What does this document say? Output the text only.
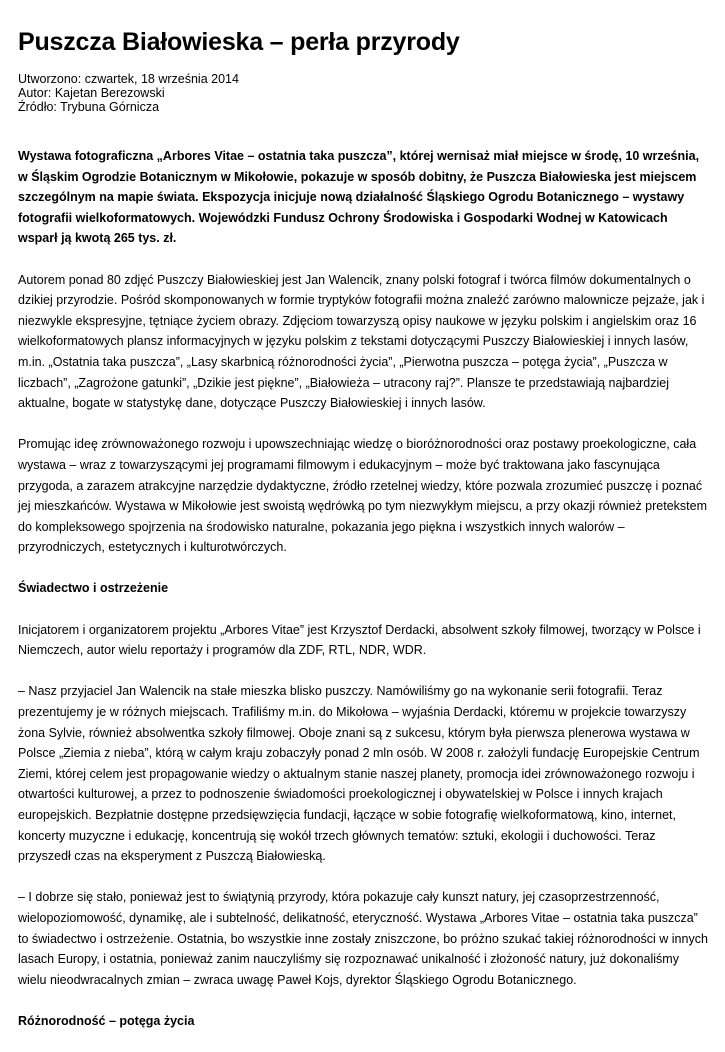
Puszcza Białowieska – perła przyrody
Utworzono: czwartek, 18 września 2014
Autor: Kajetan Berezowski
Źródło: Trybuna Górnicza

Wystawa fotograficzna „Arbores Vitae – ostatnia taka puszcza”, której wernisaż miał miejsce w środę, 10 września, w Śląskim Ogrodzie Botanicznym w Mikołowie, pokazuje w sposób dobitny, że Puszcza Białowieska jest miejscem szczególnym na mapie świata. Ekspozycja inicjuje nową działalność Śląskiego Ogrodu Botanicznego – wystawy fotografii wielkoformatowych. Wojewódzki Fundusz Ochrony Środowiska i Gospodarki Wodnej w Katowicach wsparł ją kwotą 265 tys. zł.

Autorem ponad 80 zdjęć Puszczy Białowieskiej jest Jan Walencik, znany polski fotograf i twórca filmów dokumentalnych o dzikiej przyrodzie. Pośród skomponowanych w formie tryptyków fotografii można znaleźć zarówno malownicze pejzaże, jak i niezwykle ekspresyjne, tętniące życiem obrazy. Zdjęciom towarzyszą opisy naukowe w języku polskim i angielskim oraz 16 wielkoformatowych plansz informacyjnych w języku polskim z tekstami dotyczącymi Puszczy Białowieskiej i innych lasów, m.in. „Ostatnia taka puszcza”, „Lasy skarbnicą różnorodności życia”, „Pierwotna puszcza – potęga życia”, „Puszcza w liczbach”, „Zagrożone gatunki”, „Dzikie jest piękne”, „Białowieża – utracony raj?”. Plansze te przedstawiają najbardziej aktualne, bogate w statystykę dane, dotyczące Puszczy Białowieskiej i innych lasów.

Promując ideę zrównoważonego rozwoju i upowszechniając wiedzę o bioróżnorodności oraz postawy proekologiczne, cała wystawa – wraz z towarzyszącymi jej programami filmowym i edukacyjnym – może być traktowana jako fascynująca przygoda, a zarazem atrakcyjne narzędzie dydaktyczne, źródło rzetelnej wiedzy, które pozwala zrozumieć puszczę i poznać jej mieszkańców. Wystawa w Mikołowie jest swoistą wędrówką po tym niezwykłym miejscu, a przy okazji również pretekstem do kompleksowego spojrzenia na środowisko naturalne, pokazania jego piękna i wszystkich innych walorów – przyrodniczych, estetycznych i kulturotwórczych.

Świadectwo i ostrzeżenie

Inicjatorem i organizatorem projektu „Arbores Vitae” jest Krzysztof Derdacki, absolwent szkoły filmowej, tworzący w Polsce i Niemczech, autor wielu reportaży i programów dla ZDF, RTL, NDR, WDR.

– Nasz przyjaciel Jan Walencik na stałe mieszka blisko puszczy. Namówiliśmy go na wykonanie serii fotografii. Teraz prezentujemy je w różnych miejscach. Trafiliśmy m.in. do Mikołowa – wyjaśnia Derdacki, któremu w projekcie towarzyszy żona Sylvie, również absolwentka szkoły filmowej. Oboje znani są z sukcesu, którym była pierwsza plenerowa wystawa w Polsce „Ziemia z nieba”, którą w całym kraju zobaczyły ponad 2 mln osób. W 2008 r. założyli fundację Europejskie Centrum Ziemi, której celem jest propagowanie wiedzy o aktualnym stanie naszej planety, promocja idei zrównoważonego rozwoju i otwartości kulturowej, a przez to podnoszenie świadomości proekologicznej i obywatelskiej w Polsce i innych krajach europejskich. Bezpłatnie dostępne przedsięwzięcia fundacji, łączące w sobie fotografię wielkoformatową, kino, internet, koncerty muzyczne i edukację, koncentrują się wokół trzech głównych tematów: sztuki, ekologii i duchowości. Teraz przyszedł czas na eksperyment z Puszczą Białowieską.

– I dobrze się stało, ponieważ jest to świątynią przyrody, która pokazuje cały kunszt natury, jej czasoprzestrzenność, wielopoziomowość, dynamikę, ale i subtelność, delikatność, eteryczność. Wystawa „Arbores Vitae – ostatnia taka puszcza” to świadectwo i ostrzeżenie. Ostatnia, bo wszystkie inne zostały zniszczone, bo próżno szukać takiej różnorodności w innych lasach Europy, i ostatnia, ponieważ zanim nauczyliśmy się rozpoznawać unikalność i złożoność natury, już dokonaliśmy wielu nieodwracalnych zmian – zwraca uwagę Paweł Kojs, dyrektor Śląskiego Ogrodu Botanicznego.

Różnorodność – potęga życia
